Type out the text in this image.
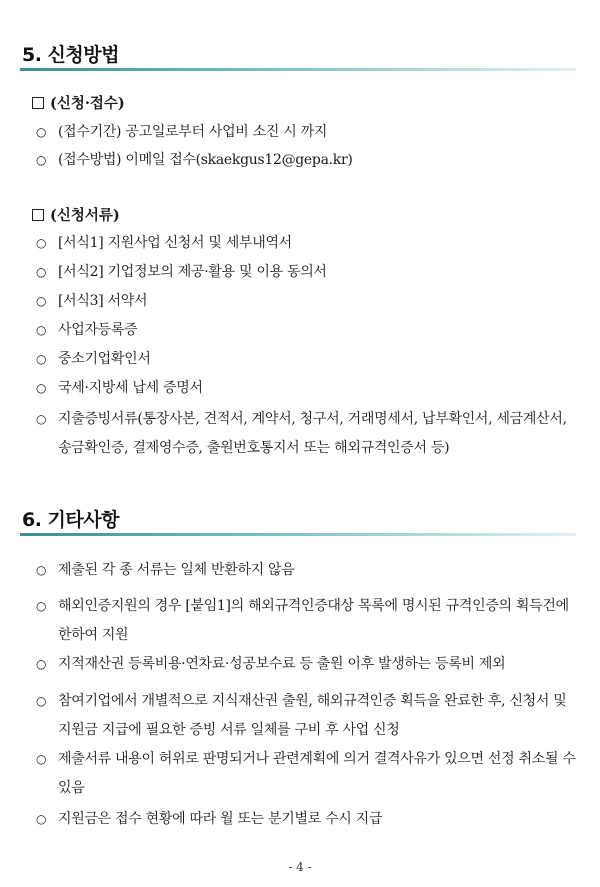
5. 신청방법
(신청·접수)
○ (접수기간) 공고일로부터 사업비 소진 시 까지
○ (접수방법) 이메일 접수(skaekgus12@gepa.kr)
(신청서류)
○ [서식1] 지원사업 신청서 및 세부내역서
○ [서식2] 기업정보의 제공·활용 및 이용 동의서
○ [서식3] 서약서
○ 사업자등록증
○ 중소기업확인서
○ 국세·지방세 납세 증명서
○ 지출증빙서류(통장사본, 견적서, 계약서, 청구서, 거래명세서, 납부확인서, 세금계산서, 송금확인증, 결제영수증, 출원번호통지서 또는 해외규격인증서 등)
6. 기타사항
○ 제출된 각 종 서류는 일체 반환하지 않음
○ 해외인증지원의 경우 [붙임1]의 해외규격인증대상 목록에 명시된 규격인증의 획득건에 한하여 지원
○ 지적재산권 등록비용·연차료·성공보수료 등 출원 이후 발생하는 등록비 제외
○ 참여기업에서 개별적으로 지식재산권 출원, 해외규격인증 획득을 완료한 후, 신청서 및 지원금 지급에 필요한 증빙 서류 일체를 구비 후 사업 신청
○ 제출서류 내용이 허위로 판명되거나 관련계획에 의거 결격사유가 있으면 선정 취소될 수 있음
○ 지원금은 접수 현황에 따라 월 또는 분기별로 수시 지급
- 4 -
